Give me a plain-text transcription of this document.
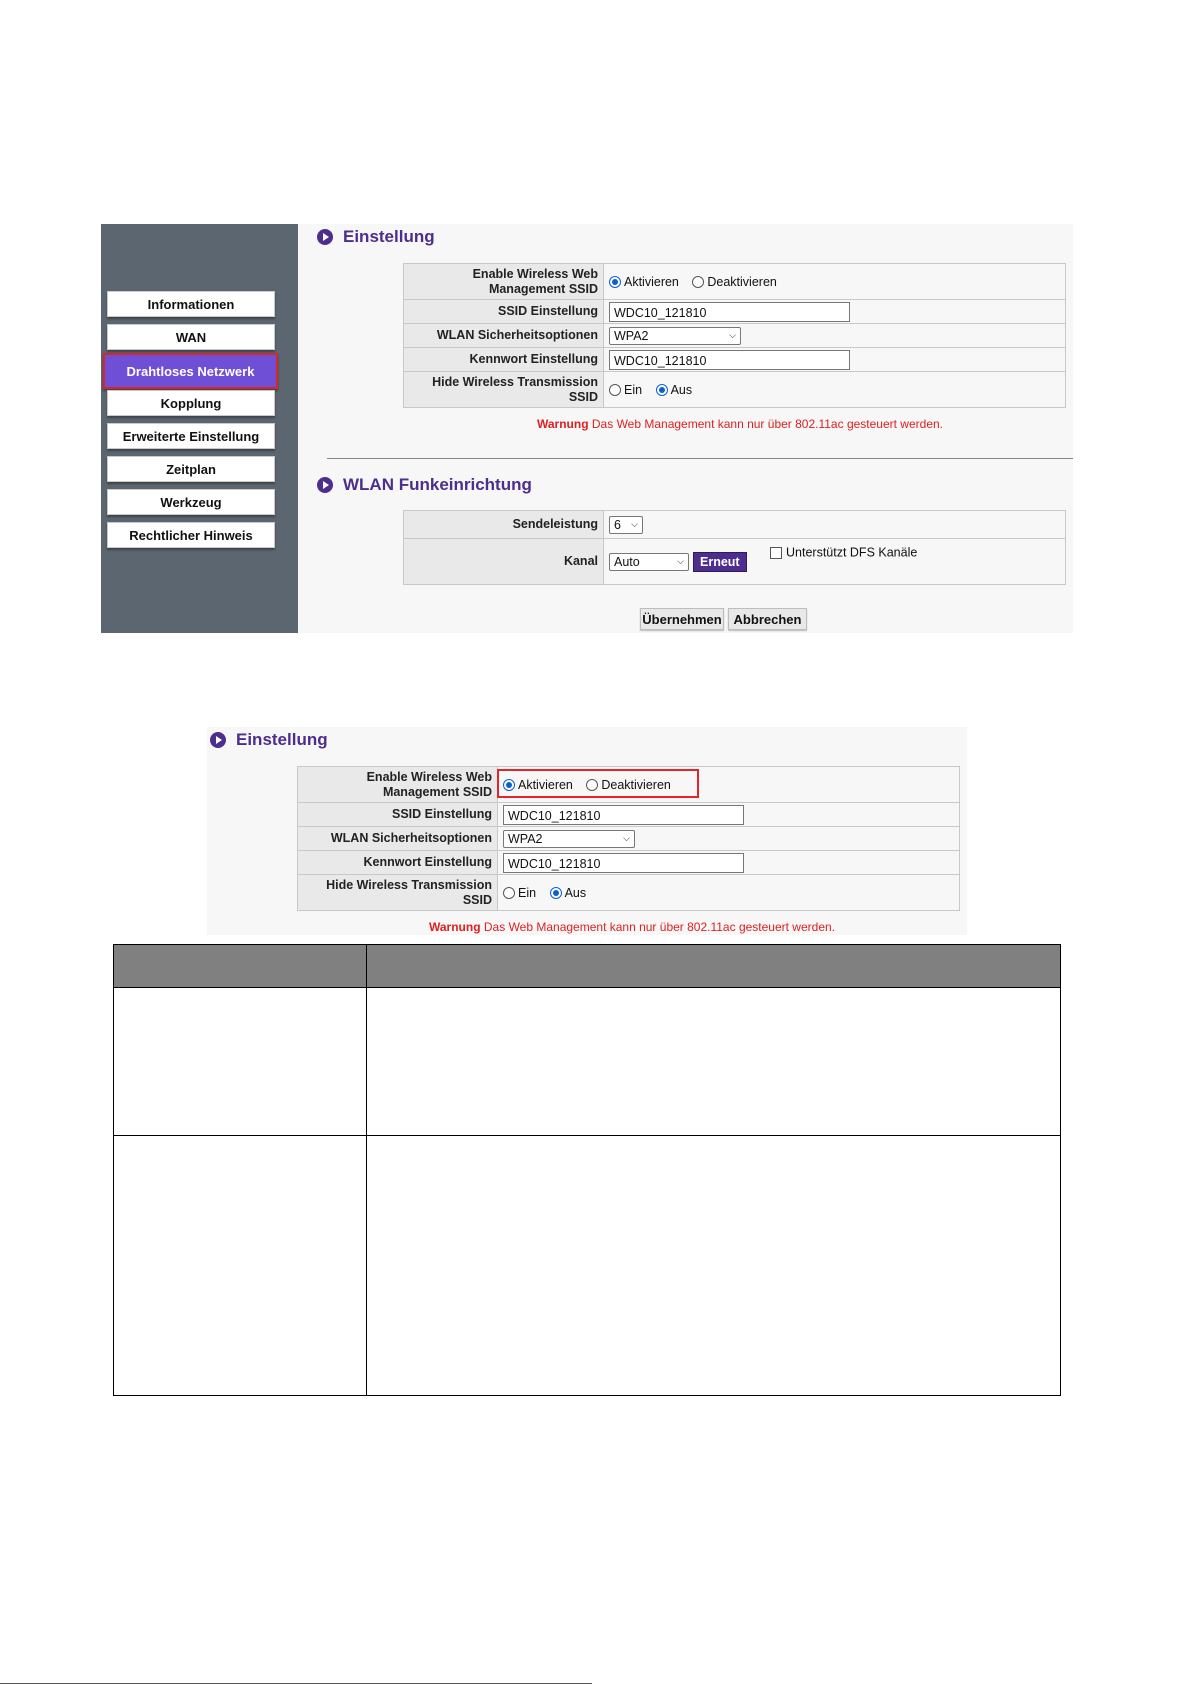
Informationen
WAN
Drahtloses Netzwerk
Kopplung
Erweiterte Einstellung
Zeitplan
Werkzeug
Rechtlicher Hinweis
Einstellung
Enable Wireless Web Management SSID	Aktivieren Deaktivieren
SSID Einstellung	WDC10_121810
WLAN Sicherheitsoptionen	WPA2 ⌵

Kennwort Einstellung	WDC10_121810
Hide Wireless Transmission SSID	Ein Aus
Warnung Das Web Management kann nur über 802.11ac gesteuert werden.
WLAN Funkeinrichtung
Sendeleistung	6 ⌵

Kanal	Auto ⌵ Erneut
Unterstützt DFS Kanäle
Übernehmen Abbrechen
Einstellung
Enable Wireless Web Management SSID	Aktivieren Deaktivieren
SSID Einstellung	WDC10_121810
WLAN Sicherheitsoptionen	WPA2 ⌵

Kennwort Einstellung	WDC10_121810
Hide Wireless Transmission SSID	Ein Aus
Warnung Das Web Management kann nur über 802.11ac gesteuert werden.
